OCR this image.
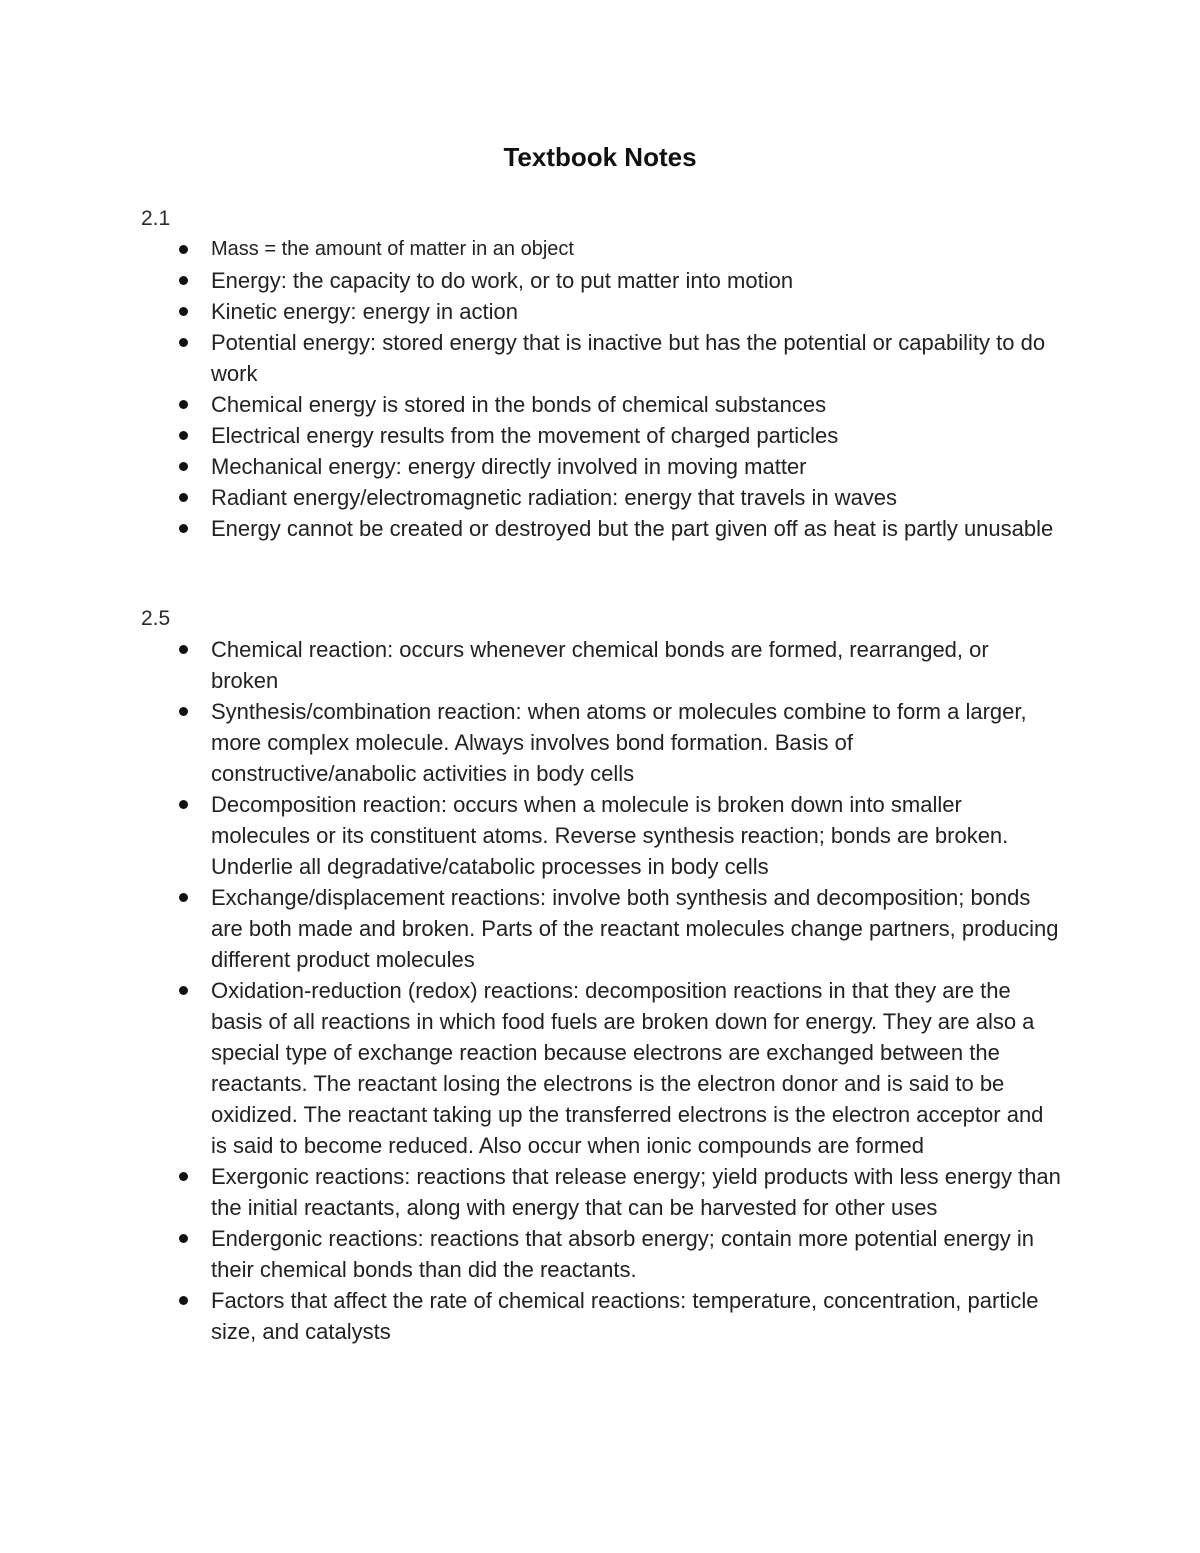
Textbook Notes

2.1

Mass = the amount of matter in an object
Energy: the capacity to do work, or to put matter into motion
Kinetic energy: energy in action
Potential energy: stored energy that is inactive but has the potential or capability to do work
Chemical energy is stored in the bonds of chemical substances
Electrical energy results from the movement of charged particles
Mechanical energy: energy directly involved in moving matter
Radiant energy/electromagnetic radiation: energy that travels in waves
Energy cannot be created or destroyed but the part given off as heat is partly unusable

2.5

Chemical reaction: occurs whenever chemical bonds are formed, rearranged, or broken
Synthesis/combination reaction: when atoms or molecules combine to form a larger, more complex molecule. Always involves bond formation. Basis of constructive/anabolic activities in body cells
Decomposition reaction: occurs when a molecule is broken down into smaller molecules or its constituent atoms. Reverse synthesis reaction; bonds are broken. Underlie all degradative/catabolic processes in body cells
Exchange/displacement reactions: involve both synthesis and decomposition; bonds are both made and broken. Parts of the reactant molecules change partners, producing different product molecules
Oxidation-reduction (redox) reactions: decomposition reactions in that they are the basis of all reactions in which food fuels are broken down for energy. They are also a special type of exchange reaction because electrons are exchanged between the reactants. The reactant losing the electrons is the electron donor and is said to be oxidized. The reactant taking up the transferred electrons is the electron acceptor and is said to become reduced. Also occur when ionic compounds are formed
Exergonic reactions: reactions that release energy; yield products with less energy than the initial reactants, along with energy that can be harvested for other uses
Endergonic reactions: reactions that absorb energy; contain more potential energy in their chemical bonds than did the reactants.
Factors that affect the rate of chemical reactions: temperature, concentration, particle size, and catalysts
